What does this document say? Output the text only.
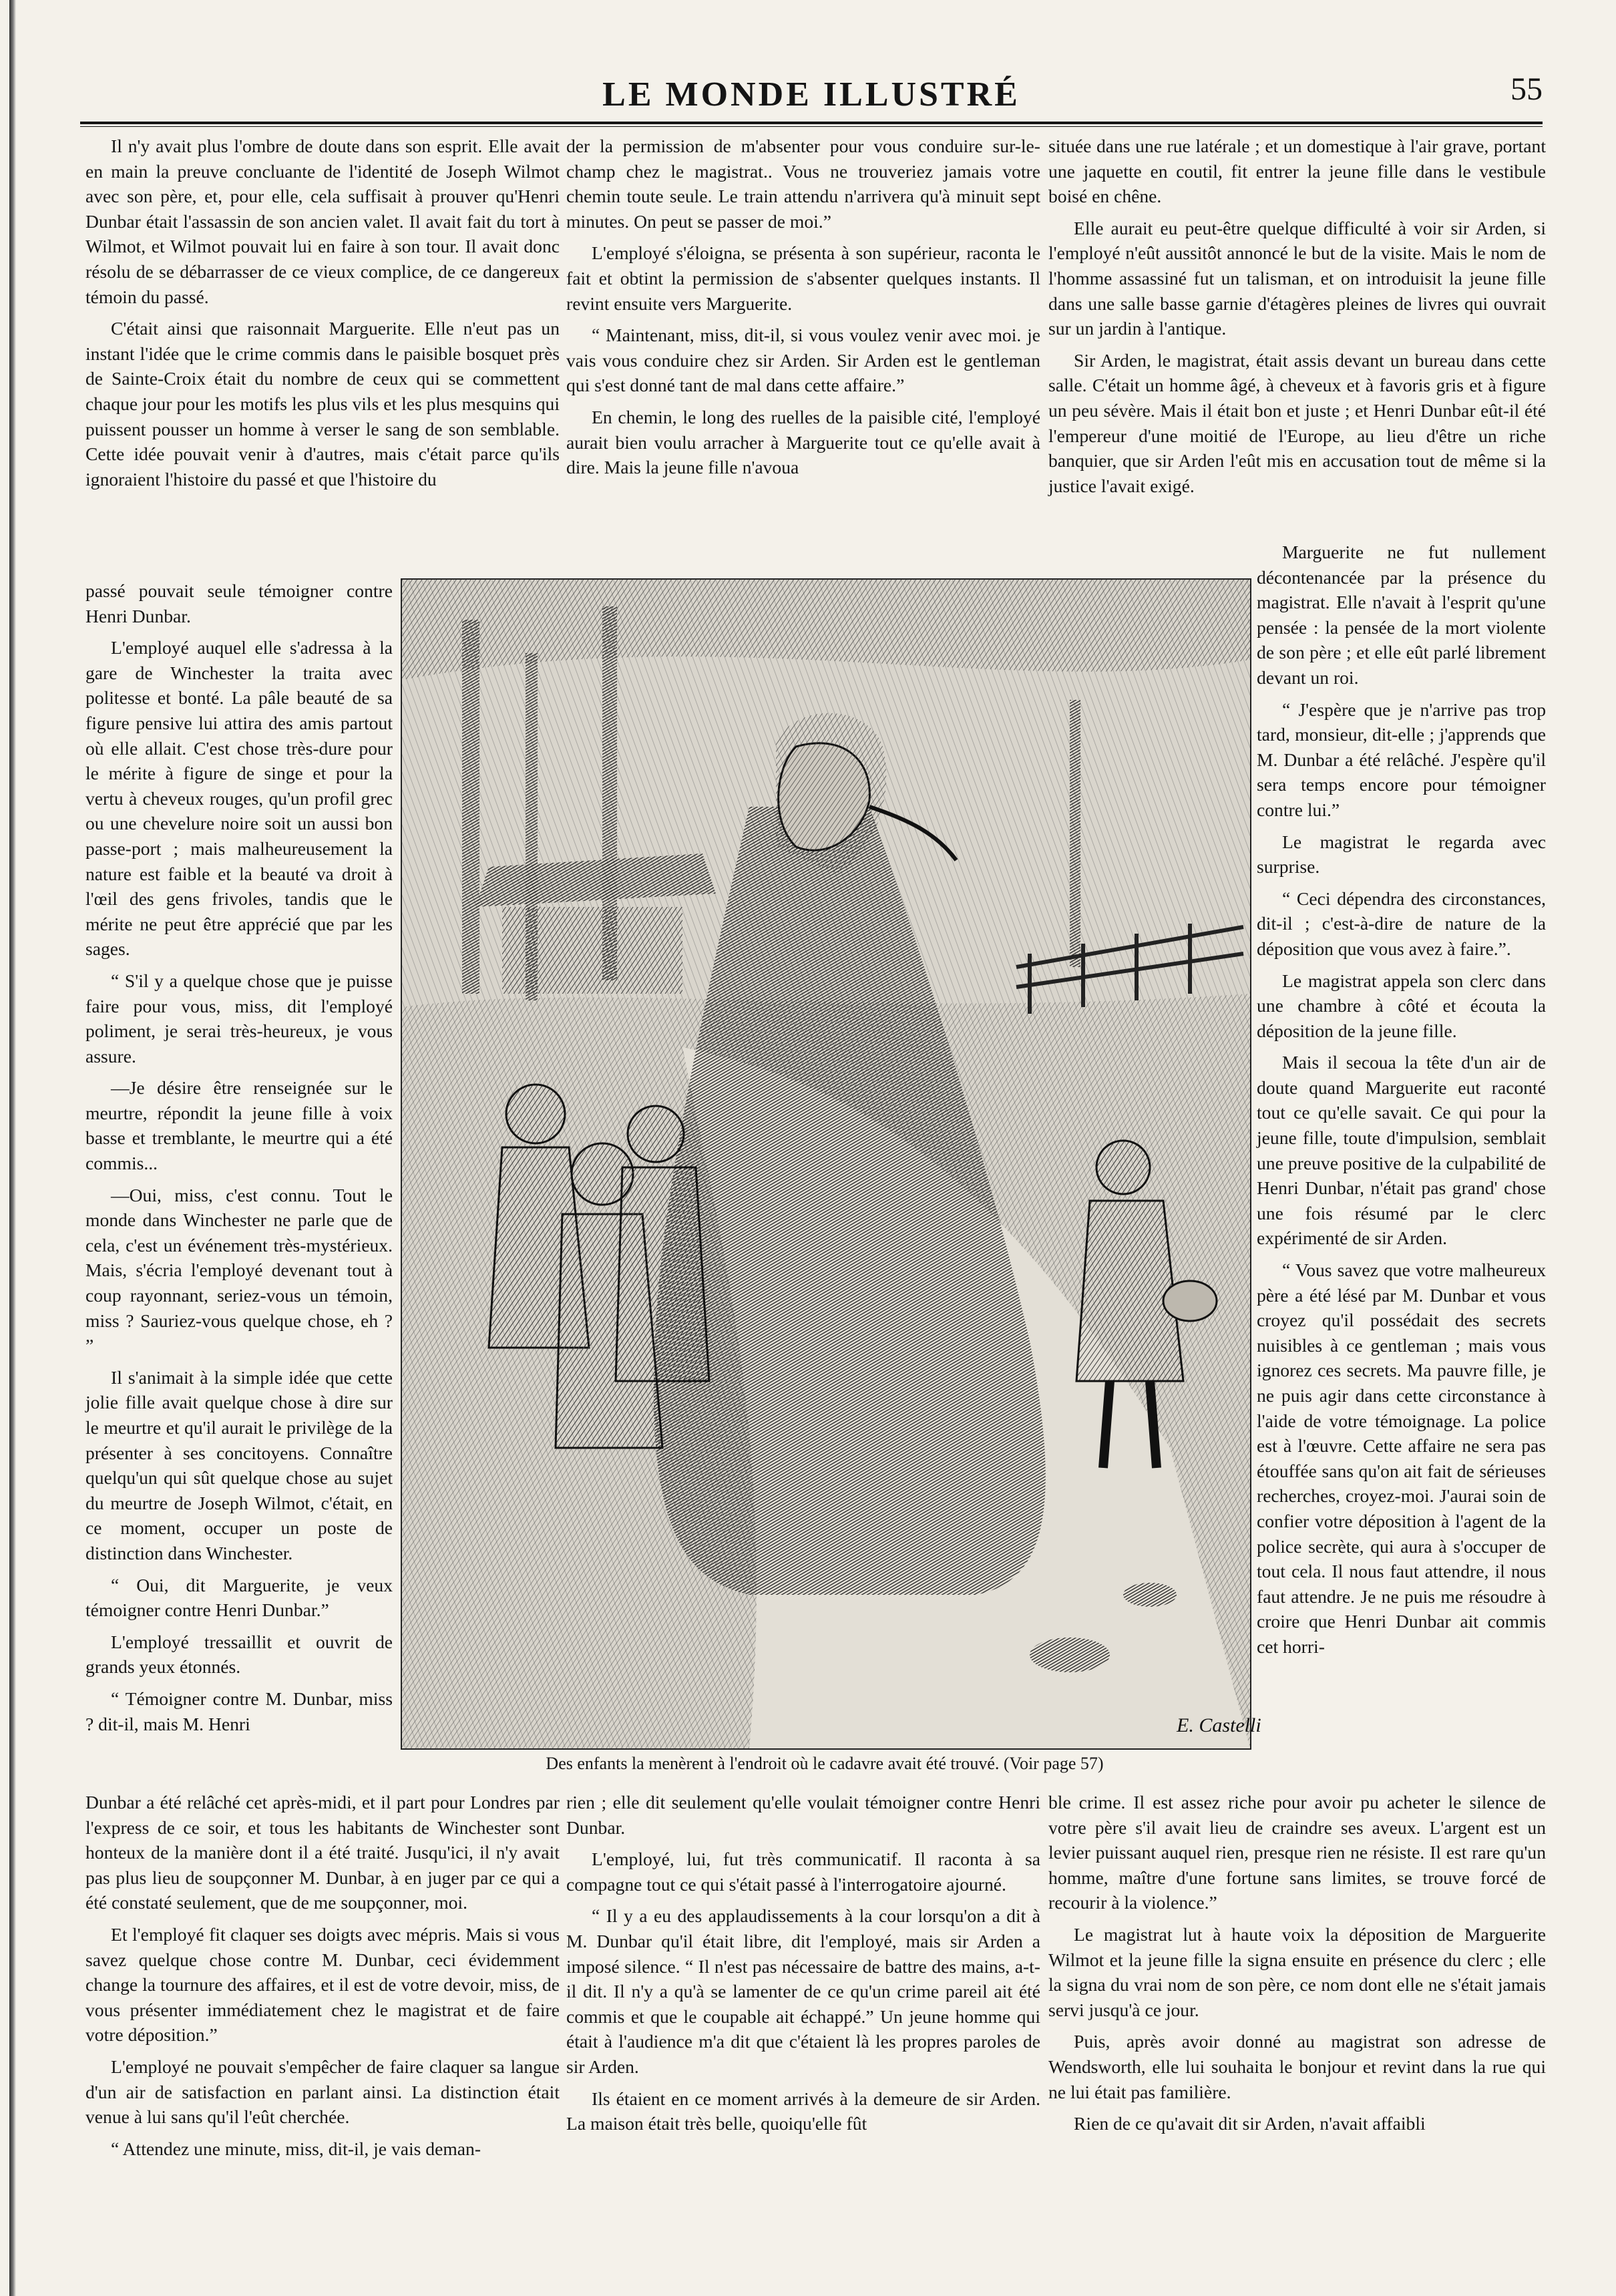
LE MONDE ILLUSTRÉ	55

Il n'y avait plus l'ombre de doute dans son esprit. Elle avait en main la preuve concluante de l'identité de Joseph Wilmot avec son père, et, pour elle, cela suffisait à prouver qu'Henri Dunbar était l'assassin de son ancien valet. Il avait fait du tort à Wilmot, et Wilmot pouvait lui en faire à son tour. Il avait donc résolu de se débarrasser de ce vieux complice, de ce dangereux témoin du passé.

C'était ainsi que raisonnait Marguerite. Elle n'eut pas un instant l'idée que le crime commis dans le paisible bosquet près de Sainte-Croix était du nombre de ceux qui se commettent chaque jour pour les motifs les plus vils et les plus mesquins qui puissent pousser un homme à verser le sang de son semblable. Cette idée pouvait venir à d'autres, mais c'était parce qu'ils ignoraient l'histoire du passé et que l'histoire du

passé pouvait seule témoigner contre Henri Dunbar.

L'employé auquel elle s'adressa à la gare de Winchester la traita avec politesse et bonté. La pâle beauté de sa figure pensive lui attira des amis partout où elle allait. C'est chose très-dure pour le mérite à figure de singe et pour la vertu à cheveux rouges, qu'un profil grec ou une chevelure noire soit un aussi bon passe-port ; mais malheureusement la nature est faible et la beauté va droit à l'œil des gens frivoles, tandis que le mérite ne peut être apprécié que par les sages.

“ S'il y a quelque chose que je puisse faire pour vous, miss, dit l'employé poliment, je serai très-heureux, je vous assure.

—Je désire être renseignée sur le meurtre, répondit la jeune fille à voix basse et tremblante, le meurtre qui a été commis...

—Oui, miss, c'est connu. Tout le monde dans Winchester ne parle que de cela, c'est un événement très-mystérieux. Mais, s'écria l'employé devenant tout à coup rayonnant, seriez-vous un témoin, miss ? Sauriez-vous quelque chose, eh ? ”

Il s'animait à la simple idée que cette jolie fille avait quelque chose à dire sur le meurtre et qu'il aurait le privilège de la présenter à ses concitoyens. Connaître quelqu'un qui sût quelque chose au sujet du meurtre de Joseph Wilmot, c'était, en ce moment, occuper un poste de distinction dans Winchester.

“ Oui, dit Marguerite, je veux témoigner contre Henri Dunbar.”

L'employé tressaillit et ouvrit de grands yeux étonnés.

“ Témoigner contre M. Dunbar, miss ? dit-il, mais M. Henri

Dunbar a été relâché cet après-midi, et il part pour Londres par l'express de ce soir, et tous les habitants de Winchester sont honteux de la manière dont il a été traité. Jusqu'ici, il n'y avait pas plus lieu de soupçonner M. Dunbar, à en juger par ce qui a été constaté seulement, que de me soupçonner, moi.

Et l'employé fit claquer ses doigts avec mépris. Mais si vous savez quelque chose contre M. Dunbar, ceci évidemment change la tournure des affaires, et il est de votre devoir, miss, de vous présenter immédiatement chez le magistrat et de faire votre déposition.”

L'employé ne pouvait s'empêcher de faire claquer sa langue d'un air de satisfaction en parlant ainsi. La distinction était venue à lui sans qu'il l'eût cherchée.

“ Attendez une minute, miss, dit-il, je vais deman-

der la permission de m'absenter pour vous conduire sur-le-champ chez le magistrat.. Vous ne trouveriez jamais votre chemin toute seule. Le train attendu n'arrivera qu'à minuit sept minutes. On peut se passer de moi.”

L'employé s'éloigna, se présenta à son supérieur, raconta le fait et obtint la permission de s'absenter quelques instants. Il revint ensuite vers Marguerite.

“ Maintenant, miss, dit-il, si vous voulez venir avec moi. je vais vous conduire chez sir Arden. Sir Arden est le gentleman qui s'est donné tant de mal dans cette affaire.”

En chemin, le long des ruelles de la paisible cité, l'employé aurait bien voulu arracher à Marguerite tout ce qu'elle avait à dire. Mais la jeune fille n'avoua

rien ; elle dit seulement qu'elle voulait témoigner contre Henri Dunbar.

L'employé, lui, fut très communicatif. Il raconta à sa compagne tout ce qui s'était passé à l'interrogatoire ajourné.

“ Il y a eu des applaudissements à la cour lorsqu'on a dit à M. Dunbar qu'il était libre, dit l'employé, mais sir Arden a imposé silence. “ Il n'est pas nécessaire de battre des mains, a-t-il dit. Il n'y a qu'à se lamenter de ce qu'un crime pareil ait été commis et que le coupable ait échappé.” Un jeune homme qui était à l'audience m'a dit que c'étaient là les propres paroles de sir Arden.

Ils étaient en ce moment arrivés à la demeure de sir Arden. La maison était très belle, quoiqu'elle fût

située dans une rue latérale ; et un domestique à l'air grave, portant une jaquette en coutil, fit entrer la jeune fille dans le vestibule boisé en chêne.

Elle aurait eu peut-être quelque difficulté à voir sir Arden, si l'employé n'eût aussitôt annoncé le but de la visite. Mais le nom de l'homme assassiné fut un talisman, et on introduisit la jeune fille dans une salle basse garnie d'étagères pleines de livres qui ouvrait sur un jardin à l'antique.

Sir Arden, le magistrat, était assis devant un bureau dans cette salle. C'était un homme âgé, à cheveux et à favoris gris et à figure un peu sévère. Mais il était bon et juste ; et Henri Dunbar eût-il été l'empereur d'une moitié de l'Europe, au lieu d'être un riche banquier, que sir Arden l'eût mis en accusation tout de même si la justice l'avait exigé.

Marguerite ne fut nullement décontenancée par la présence du magistrat. Elle n'avait à l'esprit qu'une pensée : la pensée de la mort violente de son père ; et elle eût parlé librement devant un roi.

“ J'espère que je n'arrive pas trop tard, monsieur, dit-elle ; j'apprends que M. Dunbar a été relâché. J'espère qu'il sera temps encore pour témoigner contre lui.”

Le magistrat le regarda avec surprise.

“ Ceci dépendra des circonstances, dit-il ; c'est-à-dire de nature de la déposition que vous avez à faire.”.

Le magistrat appela son clerc dans une chambre à côté et écouta la déposition de la jeune fille.

Mais il secoua la tête d'un air de doute quand Marguerite eut raconté tout ce qu'elle savait. Ce qui pour la jeune fille, toute d'impulsion, semblait une preuve positive de la culpabilité de Henri Dunbar, n'était pas grand' chose une fois résumé par le clerc expérimenté de sir Arden.

“ Vous savez que votre malheureux père a été lésé par M. Dunbar et vous croyez qu'il possédait des secrets nuisibles à ce gentleman ; mais vous ignorez ces secrets. Ma pauvre fille, je ne puis agir dans cette circonstance à l'aide de votre témoignage. La police est à l'œuvre. Cette affaire ne sera pas étouffée sans qu'on ait fait de sérieuses recherches, croyez-moi. J'aurai soin de confier votre déposition à l'agent de la police secrète, qui aura à s'occuper de tout cela. Il nous faut attendre, il nous faut attendre. Je ne puis me résoudre à croire que Henri Dunbar ait commis cet horri-

ble crime. Il est assez riche pour avoir pu acheter le silence de votre père s'il avait lieu de craindre ses aveux. L'argent est un levier puissant auquel rien, presque rien ne résiste. Il est rare qu'un homme, maître d'une fortune sans limites, se trouve forcé de recourir à la violence.”

Le magistrat lut à haute voix la déposition de Marguerite Wilmot et la jeune fille la signa ensuite en présence du clerc ; elle la signa du vrai nom de son père, ce nom dont elle ne s'était jamais servi jusqu'à ce jour.

Puis, après avoir donné au magistrat son adresse de Wendsworth, elle lui souhaita le bonjour et revint dans la rue qui ne lui était pas familière.

Rien de ce qu'avait dit sir Arden, n'avait affaibli

E. Castelli
Des enfants la menèrent à l'endroit où le cadavre avait été trouvé. (Voir page 57)
